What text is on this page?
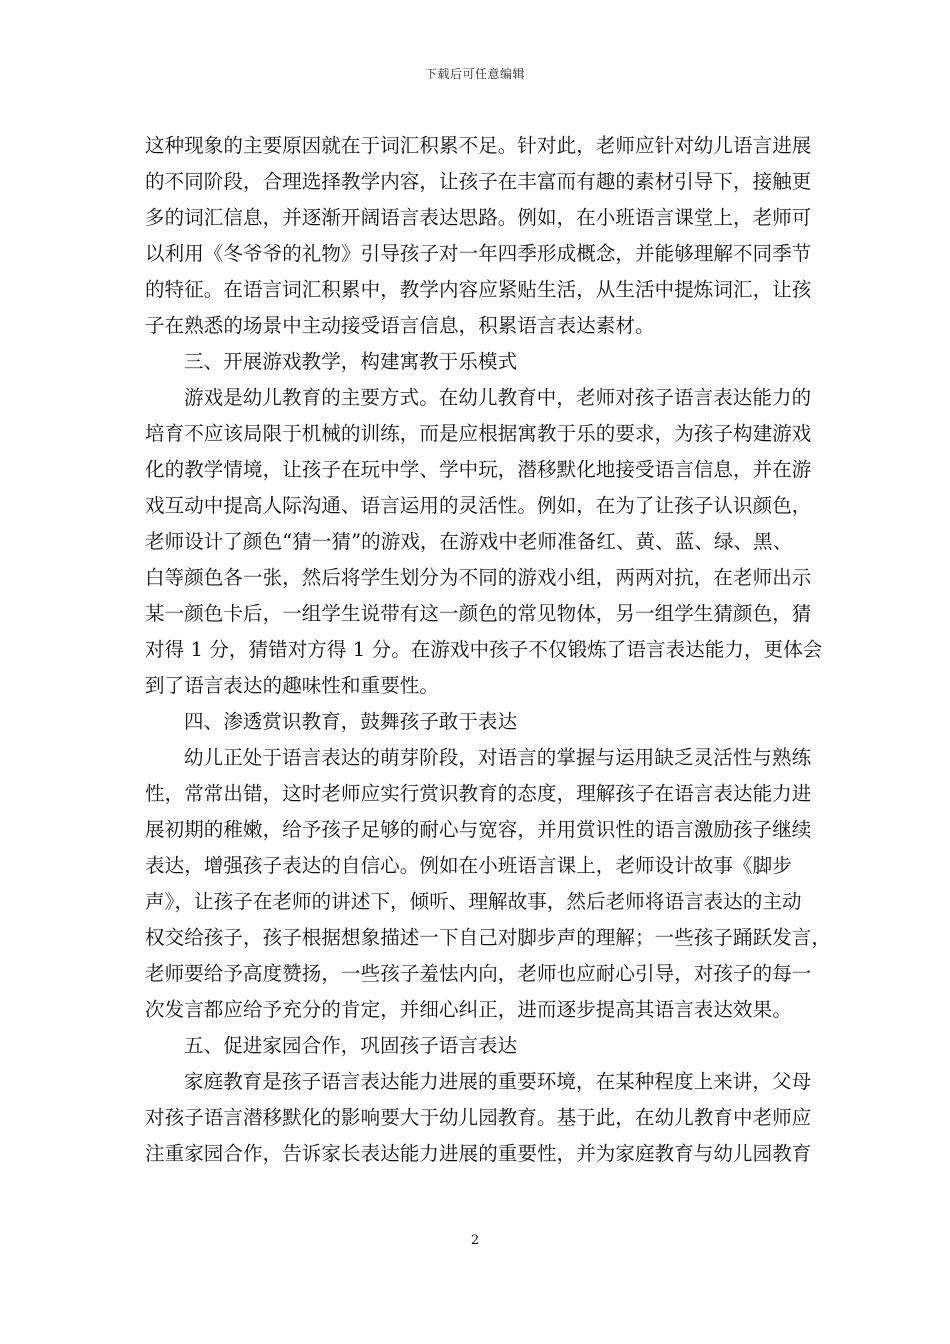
下载后可任意编辑
这种现象的主要原因就在于词汇积累不足。针对此，老师应针对幼儿语言进展
的不同阶段，合理选择教学内容，让孩子在丰富而有趣的素材引导下，接触更
多的词汇信息，并逐渐开阔语言表达思路。例如，在小班语言课堂上，老师可
以利用《冬爷爷的礼物》引导孩子对一年四季形成概念，并能够理解不同季节
的特征。在语言词汇积累中，教学内容应紧贴生活，从生活中提炼词汇，让孩
子在熟悉的场景中主动接受语言信息，积累语言表达素材。
三、开展游戏教学，构建寓教于乐模式
游戏是幼儿教育的主要方式。在幼儿教育中，老师对孩子语言表达能力的
培育不应该局限于机械的训练，而是应根据寓教于乐的要求，为孩子构建游戏
化的教学情境，让孩子在玩中学、学中玩，潜移默化地接受语言信息，并在游
戏互动中提高人际沟通、语言运用的灵活性。例如，在为了让孩子认识颜色，
老师设计了颜色“猜一猜”的游戏，在游戏中老师准备红、黄、蓝、绿、黑、
白等颜色各一张，然后将学生划分为不同的游戏小组，两两对抗，在老师出示
某一颜色卡后，一组学生说带有这一颜色的常见物体，另一组学生猜颜色，猜
对得 1 分，猜错对方得 1 分。在游戏中孩子不仅锻炼了语言表达能力，更体会
到了语言表达的趣味性和重要性。
四、渗透赏识教育，鼓舞孩子敢于表达
幼儿正处于语言表达的萌芽阶段，对语言的掌握与运用缺乏灵活性与熟练
性，常常出错，这时老师应实行赏识教育的态度，理解孩子在语言表达能力进
展初期的稚嫩，给予孩子足够的耐心与宽容，并用赏识性的语言激励孩子继续
表达，增强孩子表达的自信心。例如在小班语言课上，老师设计故事《脚步
声》，让孩子在老师的讲述下，倾听、理解故事，然后老师将语言表达的主动
权交给孩子，孩子根据想象描述一下自己对脚步声的理解；一些孩子踊跃发言，
老师要给予高度赞扬，一些孩子羞怯内向，老师也应耐心引导，对孩子的每一
次发言都应给予充分的肯定，并细心纠正，进而逐步提高其语言表达效果。
五、促进家园合作，巩固孩子语言表达
家庭教育是孩子语言表达能力进展的重要环境，在某种程度上来讲，父母
对孩子语言潜移默化的影响要大于幼儿园教育。基于此，在幼儿教育中老师应
注重家园合作，告诉家长表达能力进展的重要性，并为家庭教育与幼儿园教育
2
